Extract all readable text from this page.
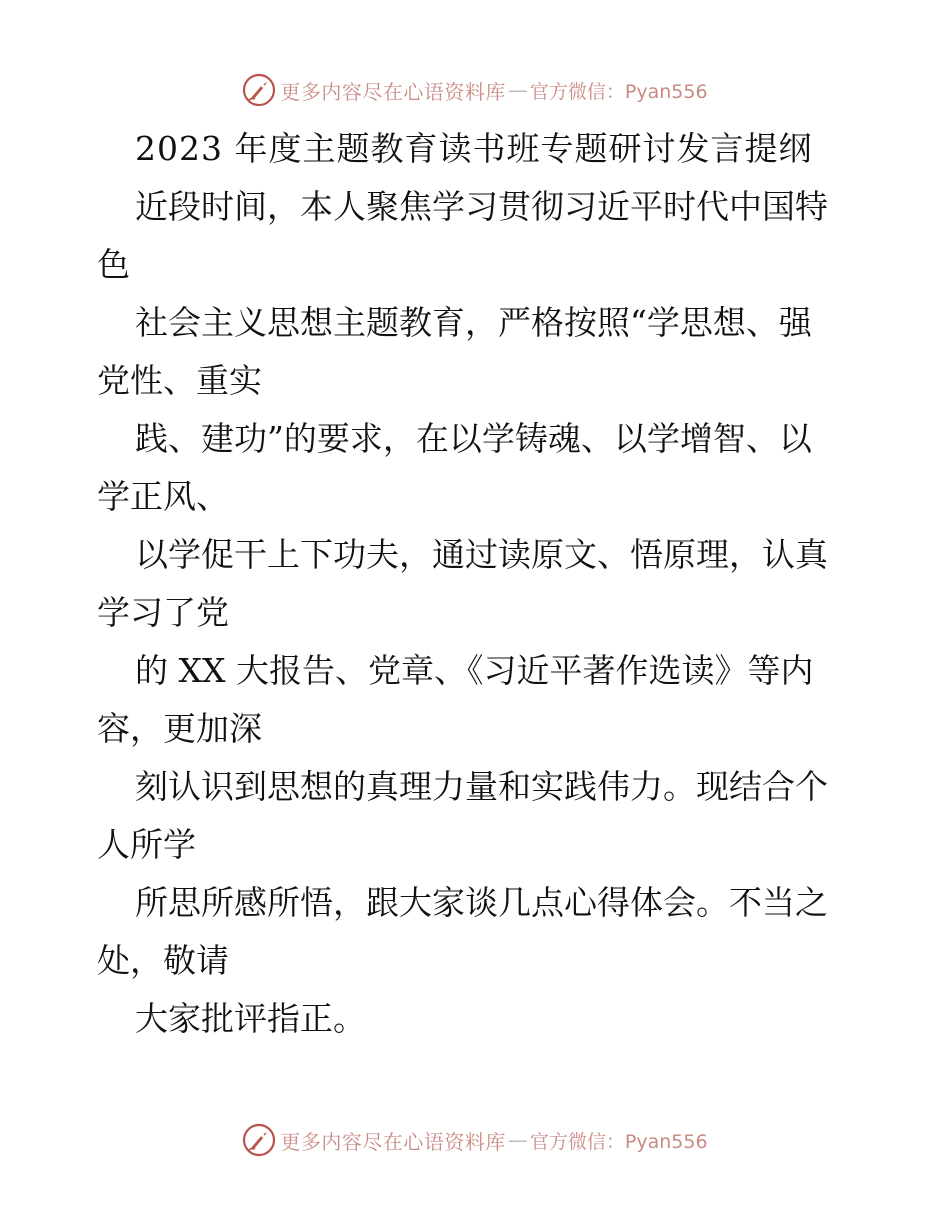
更多内容尽在心语资料库 — 官方微信：Pyan556
2023 年度主题教育读书班专题研讨发言提纲
近段时间，本人聚焦学习贯彻习近平时代中国特
色
社会主义思想主题教育，严格按照“学思想、强
党性、重实
践、建功”的要求，在以学铸魂、以学增智、以
学正风、
以学促干上下功夫，通过读原文、悟原理，认真
学习了党
的 XX 大报告、党章、《习近平著作选读》等内
容，更加深
刻认识到思想的真理力量和实践伟力。现结合个
人所学
所思所感所悟，跟大家谈几点心得体会。不当之
处，敬请
大家批评指正。
更多内容尽在心语资料库 — 官方微信：Pyan556
